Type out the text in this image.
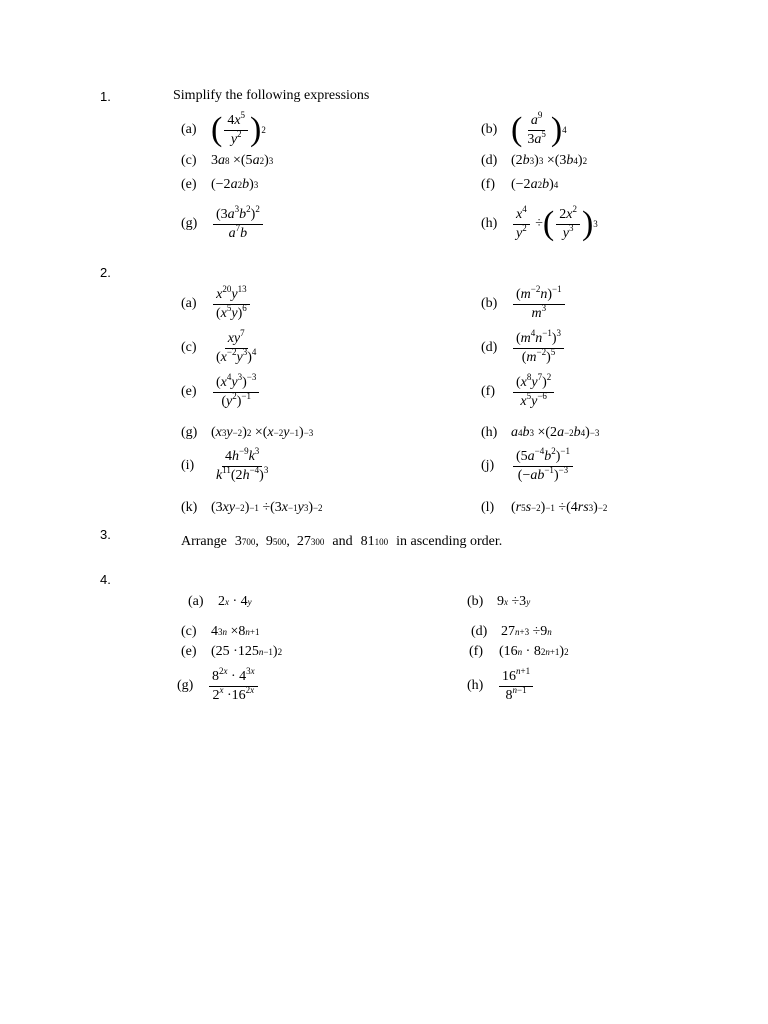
1.	Simplify the following expressions
(a) ( $\frac{4x^5}{y^2}$ ) 2	(b) ( $\frac{a^9}{3a^5}$ ) 4
(c)	3 a 8 ×(5 a 2 ) 3	(d) (2 b 3 ) 3 ×(3 b 4 ) 2
(e)	(−2 a 2 b ) 3	(f)	(−2 a 2 b ) 4
(g)	$\frac{(3a^3b^2)^2}{a^7b}$	(h)	$\frac{x^4}{y^2}$ ÷ ( $\frac{2x^2}{y^3}$ ) 3
2.
(a)	$\frac{x^{20}y^{13}}{(x^5y)^6}$	(b)	$\frac{(m^{-2}n)^{-1}}{m^3}$
(c)	$\frac{xy^7}{(x^{-2}y^3)^4}$	(d)	$\frac{(m^4n^{-1})^3}{(m^{-2})^5}$
(e)	$\frac{(x^4y^3)^{-3}}{(y^2)^{-1}}$	(f)	$\frac{(x^8y^7)^2}{x^5y^{-6}}$
(g) ( x 3 y −2 ) 2 ×( x −2 y −1 ) −3	(h) a 4 b 3 ×(2 a −2 b 4 ) −3
(i)	$\frac{4h^{-9}k^3}{k^{11}(2h^{-4})^3}$	(j)	$\frac{(5a^{-4}b^2)^{-1}}{(-ab^{-1})^{-3}}$
(k) (3 xy −2 ) −1 ÷(3 x −1 y 3 ) −2	(l)	( r 5 s −2 ) −1 ÷(4 rs 3 ) −2
3.	Arrange 3 700 ,  9 500 ,  27 300 and 81 100 in ascending order.
4.
(a)	2 x · 4 y	(b) 9 x ÷3 y
(c)	4 3n ×8 n+1	(d) 27 n+3 ÷9 n
(e)	(25 ·125 n−1 ) 2	(f)	(16 n · 8 2n+1 ) 2
(g)	$\frac{8^{2x} \cdot 4^{3x}}{2^x \cdot 16^{2x}}$	(h)	$\frac{16^{n+1}}{8^{n-1}}$
